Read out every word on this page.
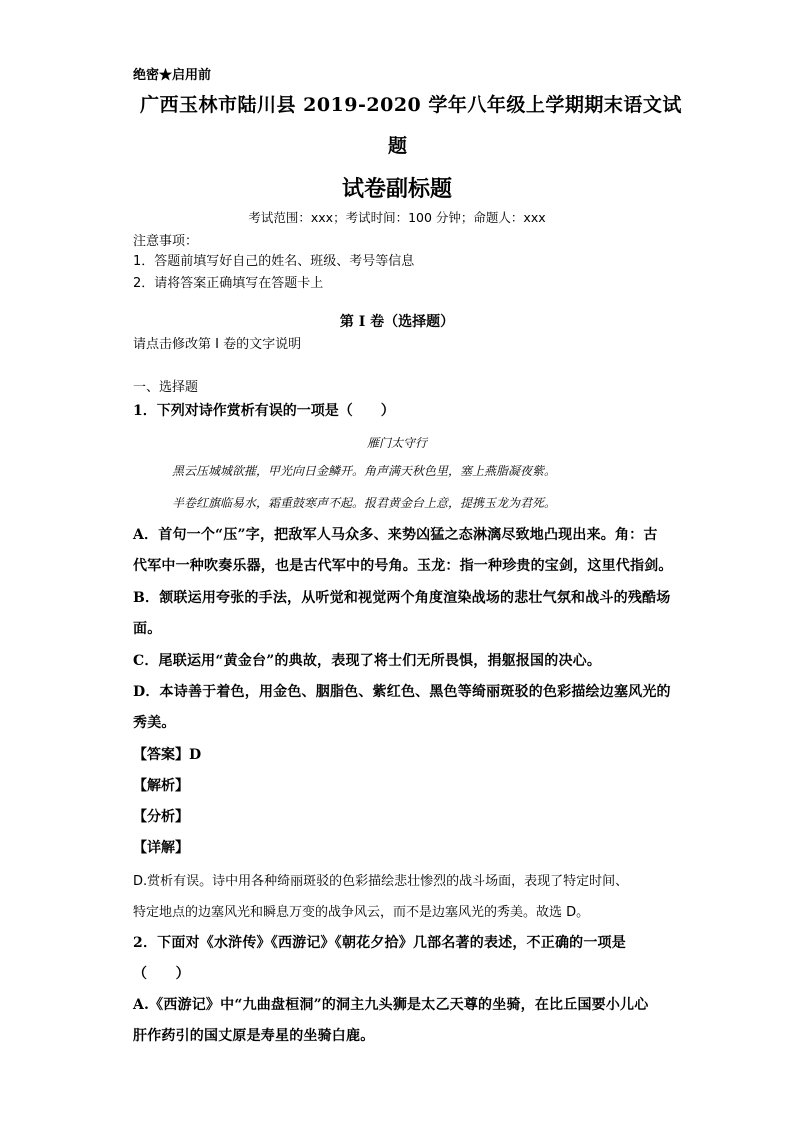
绝密★启用前
广西玉林市陆川县 2019-2020 学年八年级上学期期末语文试
题
试卷副标题
考试范围：xxx；考试时间：100 分钟；命题人：xxx
注意事项：
1．答题前填写好自己的姓名、班级、考号等信息
2．请将答案正确填写在答题卡上
第 I 卷（选择题）
请点击修改第 I 卷的文字说明
一、选择题
1．下列对诗作赏析有误的一项是（　　）
雁门太守行
黑云压城城欲摧，甲光向日金鳞开。角声满天秋色里，塞上燕脂凝夜紫。
半卷红旗临易水，霜重鼓寒声不起。报君黄金台上意，提携玉龙为君死。
A．首句一个“压”字，把敌军人马众多、来势凶猛之态淋漓尽致地凸现出来。角：古
代军中一种吹奏乐器，也是古代军中的号角。玉龙：指一种珍贵的宝剑，这里代指剑。
B．颔联运用夸张的手法，从听觉和视觉两个角度渲染战场的悲壮气氛和战斗的残酷场
面。
C．尾联运用“黄金台”的典故，表现了将士们无所畏惧，捐躯报国的决心。
D．本诗善于着色，用金色、胭脂色、紫红色、黑色等绮丽斑驳的色彩描绘边塞风光的
秀美。
【答案】D
【解析】
【分析】
【详解】
D.赏析有误。诗中用各种绮丽斑驳的色彩描绘悲壮惨烈的战斗场面，表现了特定时间、
特定地点的边塞风光和瞬息万变的战争风云，而不是边塞风光的秀美。故选 D。
2．下面对《水浒传》《西游记》《朝花夕拾》几部名著的表述，不正确的一项是
（　　）
A.《西游记》中“九曲盘桓洞”的洞主九头狮是太乙天尊的坐骑，在比丘国要小儿心
肝作药引的国丈原是寿星的坐骑白鹿。
